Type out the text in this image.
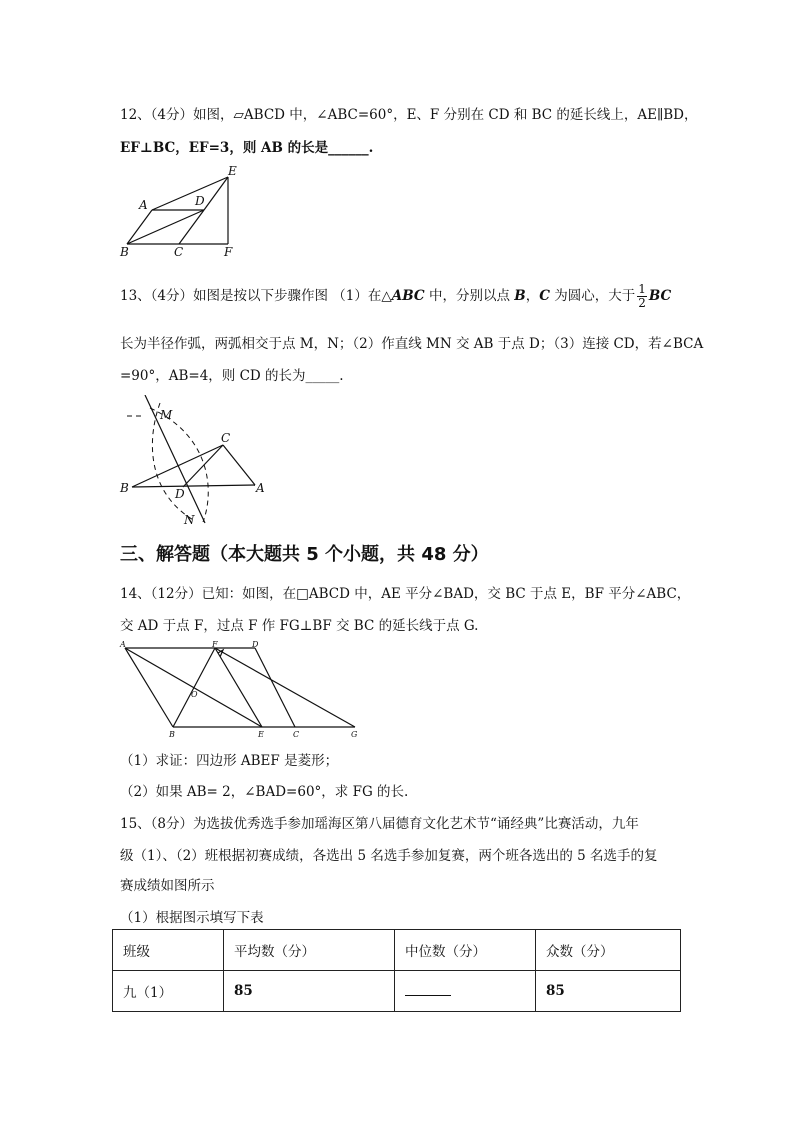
12、（4分）如图，▱ABCD 中，∠ABC=60°，E、F 分别在 CD 和 BC 的延长线上，AE∥BD，
EF⊥BC，EF=3，则 AB 的长是______.
A	D
E
B	C	F
13、（4分）如图是按以下步骤作图 （1）在△ABC 中，分别以点 B，C 为圆心，大于 $\frac{1}{2}$ BC
长为半径作弧，两弧相交于点 M，N；（2）作直线 MN 交 AB 于点 D；（3）连接 CD，若∠BCA
=90°，AB=4，则 CD 的长为_____.
M
C
B	D	A
N
三、解答题（本大题共 5 个小题，共 48 分）
14、（12分）已知：如图，在□ABCD 中，AE 平分∠BAD，交 BC 于点 E，BF 平分∠ABC，
交 AD 于点 F，过点 F 作 FG⊥BF 交 BC 的延长线于点 G.
A	F	D
O
B	E	C	G
（1）求证：四边形 ABEF 是菱形；
（2）如果 AB= 2，∠BAD=60°，求 FG 的长.
15、（8分）为选拔优秀选手参加瑶海区第八届德育文化艺术节“诵经典”比赛活动，九年
级（1）、（2）班根据初赛成绩，各选出 5 名选手参加复赛，两个班各选出的 5 名选手的复
赛成绩如图所示
（1）根据图示填写下表
班级	平均数（分）	中位数（分）	众数（分）
九（1）	85		85
